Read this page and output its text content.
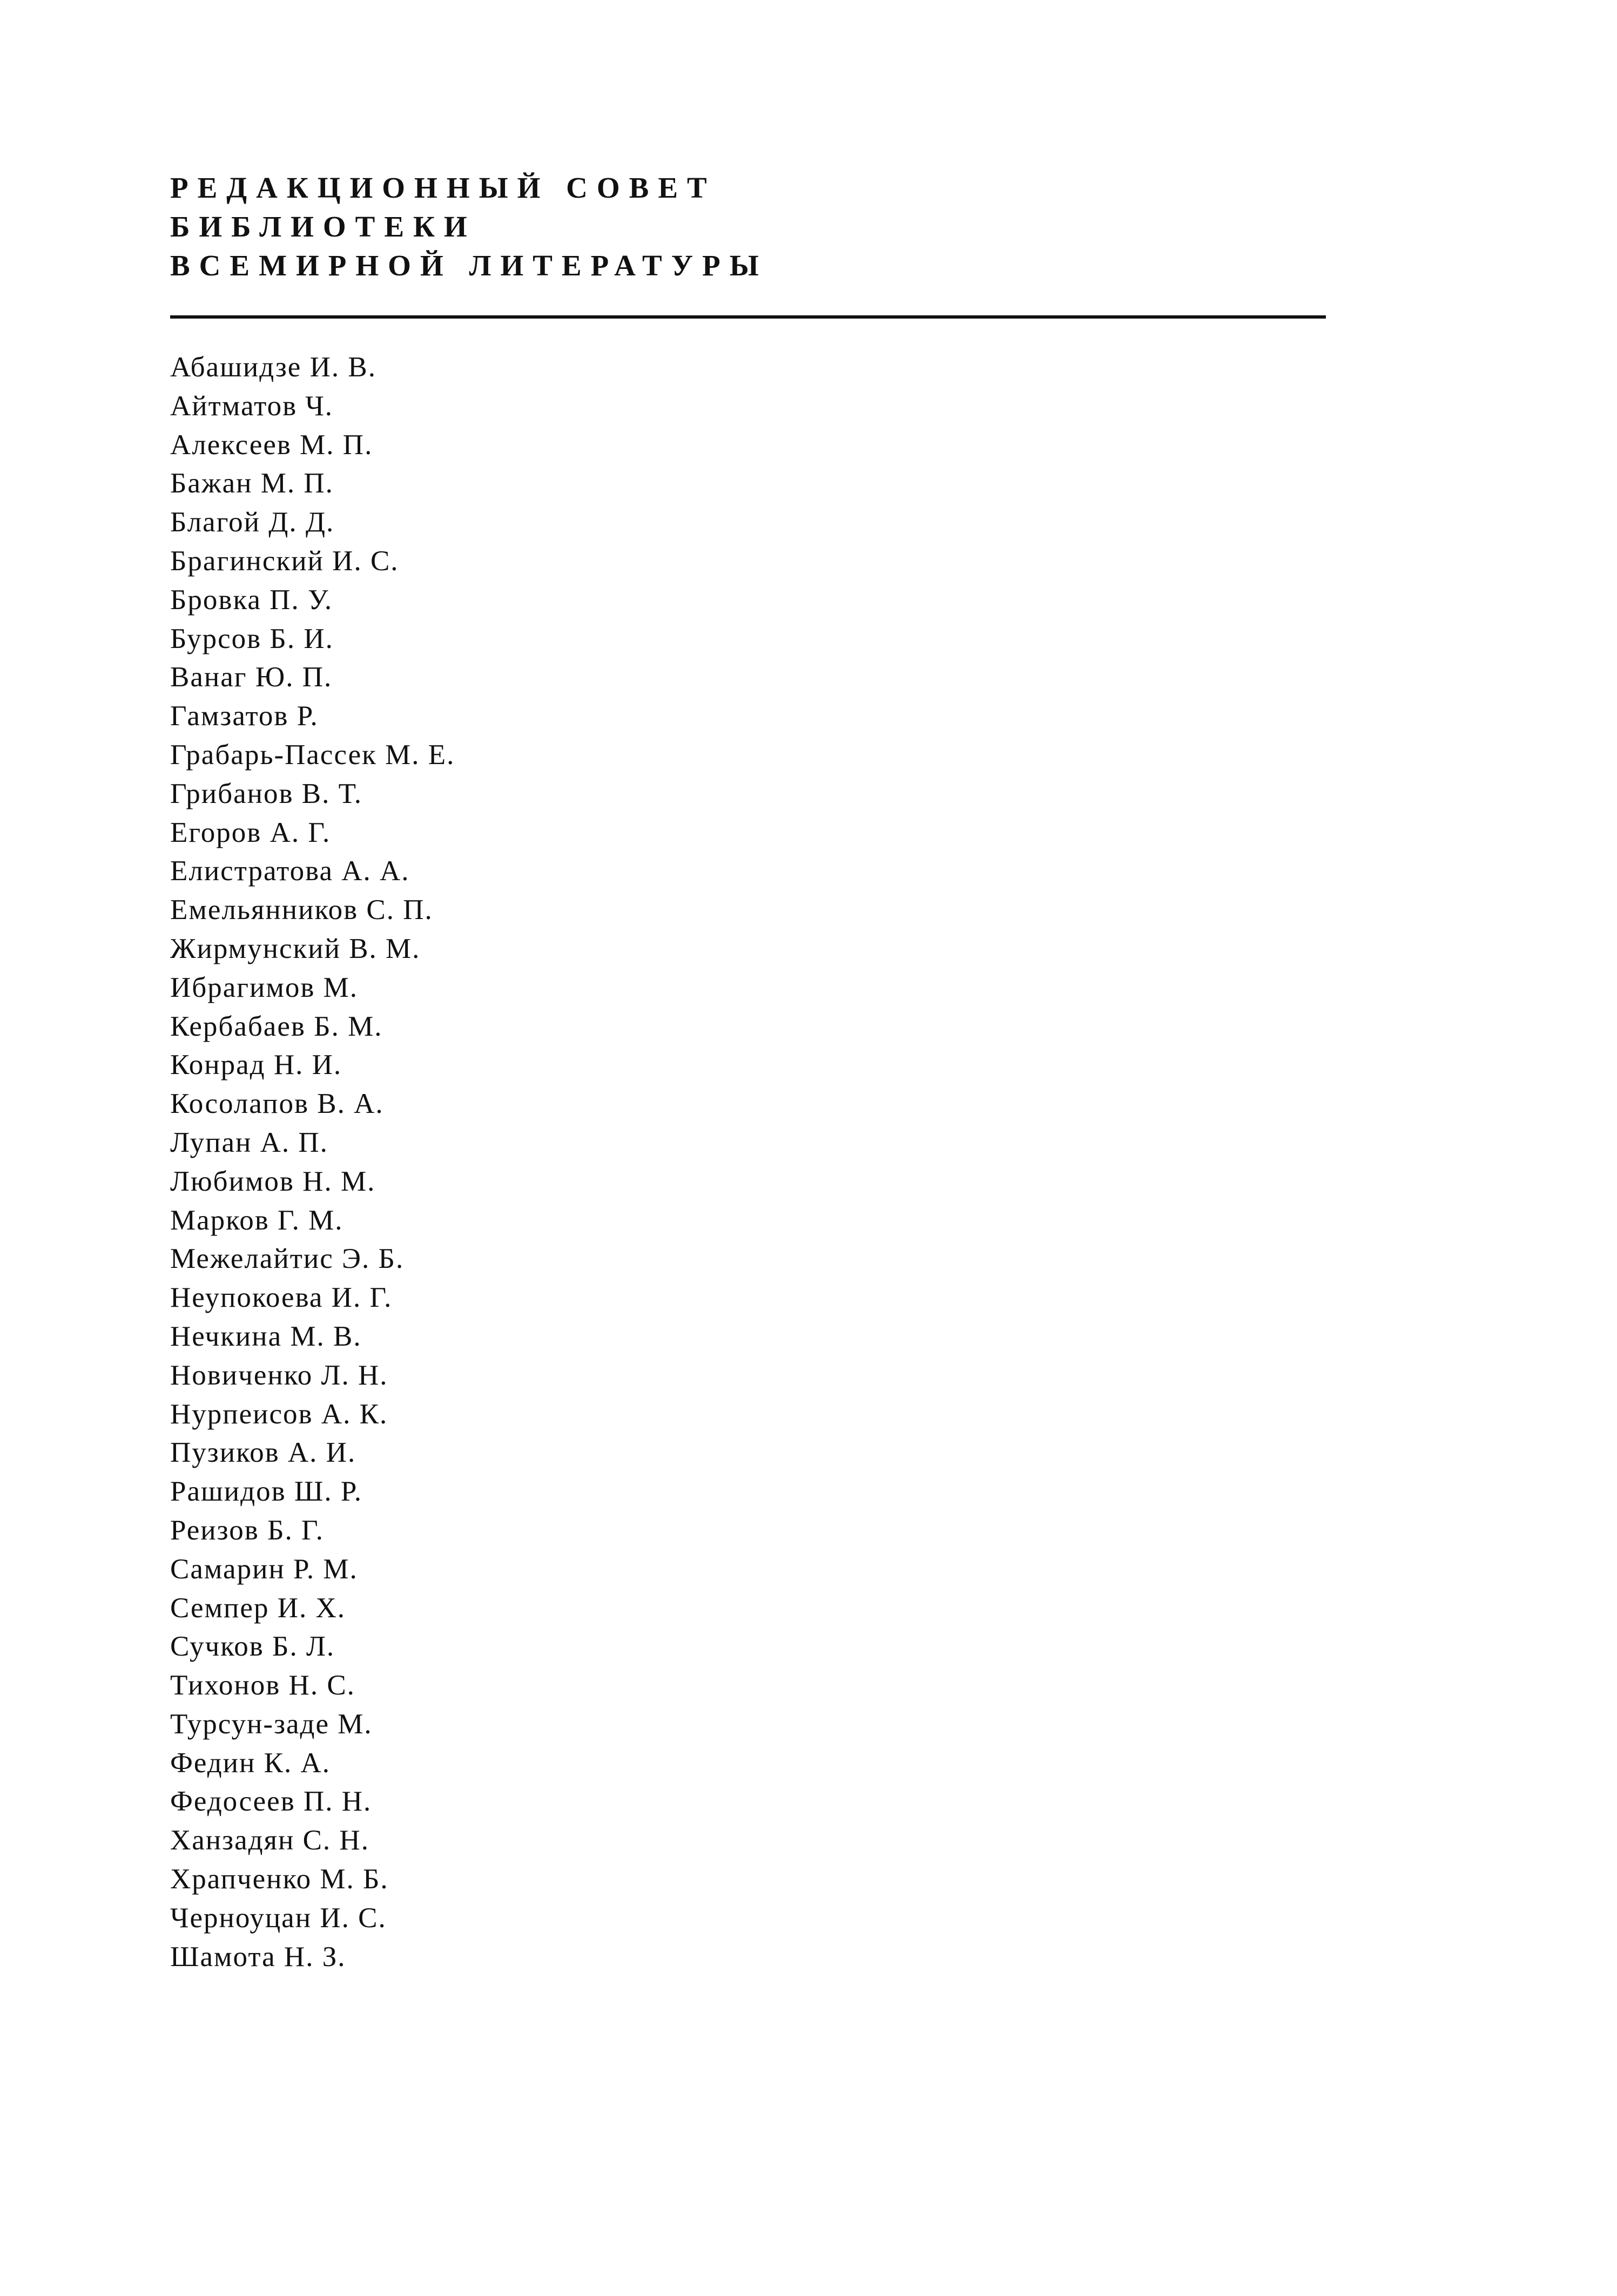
РЕДАКЦИОННЫЙ СОВЕТ
БИБЛИОТЕКИ
ВСЕМИРНОЙ ЛИТЕРАТУРЫ
Абашидзе И. В.
Айтматов Ч.
Алексеев М. П.
Бажан М. П.
Благой Д. Д.
Брагинский И. С.
Бровка П. У.
Бурсов Б. И.
Ванаг Ю. П.
Гамзатов Р.
Грабарь-Пассек М. Е.
Грибанов В. Т.
Егоров А. Г.
Елистратова А. А.
Емельянников С. П.
Жирмунский В. М.
Ибрагимов М.
Кербабаев Б. М.
Конрад Н. И.
Косолапов В. А.
Лупан А. П.
Любимов Н. М.
Марков Г. М.
Межелайтис Э. Б.
Неупокоева И. Г.
Нечкина М. В.
Новиченко Л. Н.
Нурпеисов А. К.
Пузиков А. И.
Рашидов Ш. Р.
Реизов Б. Г.
Самарин Р. М.
Семпер И. Х.
Сучков Б. Л.
Тихонов Н. С.
Турсун-заде М.
Федин К. А.
Федосеев П. Н.
Ханзадян С. Н.
Храпченко М. Б.
Черноуцан И. С.
Шамота Н. З.
